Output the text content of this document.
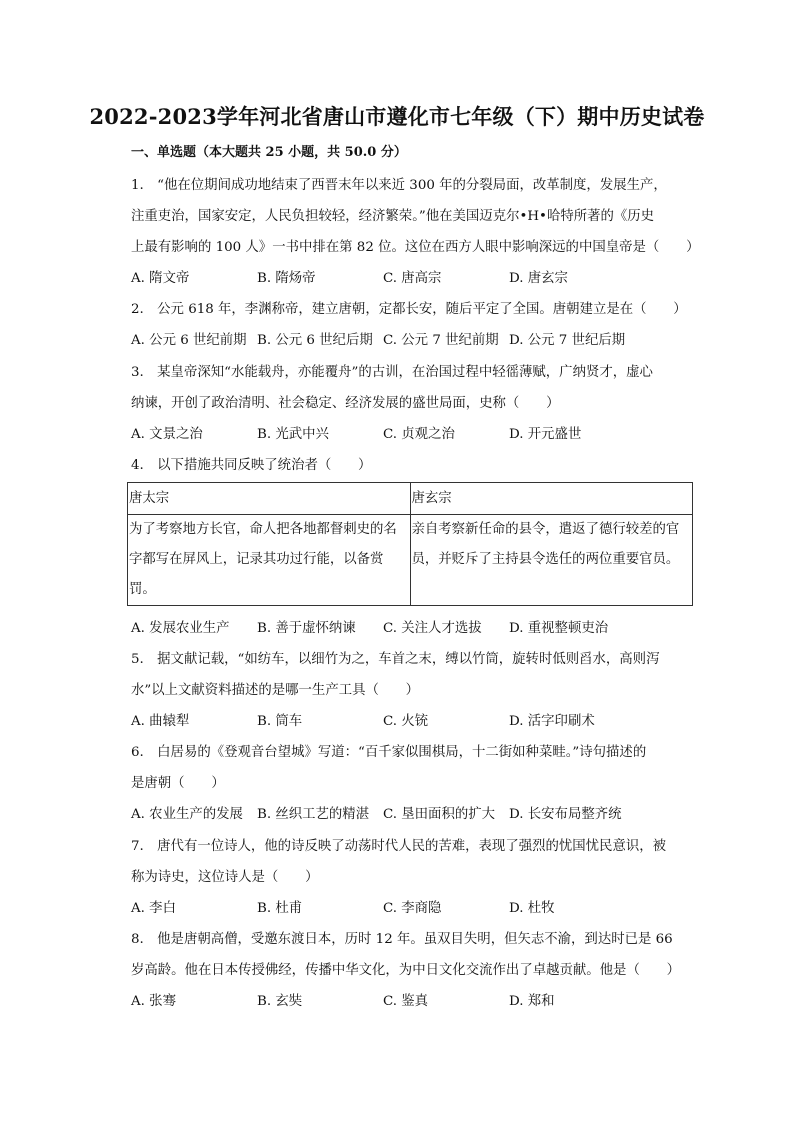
2022-2023学年河北省唐山市遵化市七年级（下）期中历史试卷
一、单选题（本大题共 25 小题，共 50.0 分）
1.　“他在位期间成功地结束了西晋末年以来近 300 年的分裂局面，改革制度，发展生产，
注重吏治，国家安定，人民负担较轻，经济繁荣。”他在美国迈克尔•H•哈特所著的《历史
上最有影响的 100 人》一书中排在第 82 位。这位在西方人眼中影响深远的中国皇帝是（　　）
A. 隋文帝	B. 隋炀帝	C. 唐高宗	D. 唐玄宗
2.　公元 618 年，李渊称帝，建立唐朝，定都长安，随后平定了全国。唐朝建立是在（　　）
A. 公元 6 世纪前期 B. 公元 6 世纪后期 C. 公元 7 世纪前期 D. 公元 7 世纪后期
3.　某皇帝深知“水能载舟，亦能覆舟”的古训，在治国过程中轻徭薄赋，广纳贤才，虚心
纳谏，开创了政治清明、社会稳定、经济发展的盛世局面，史称（　　）
A. 文景之治	B. 光武中兴	C. 贞观之治	D. 开元盛世
4.　以下措施共同反映了统治者（　　）
唐太宗	唐玄宗
为了考察地方长官，命人把各地都督刺史的名字都写在屏风上，记录其功过行能，以备赏罚。	亲自考察新任命的县令，遣返了德行较差的官员，并贬斥了主持县令选任的两位重要官员。
A. 发展农业生产 B. 善于虚怀纳谏 C. 关注人才选拔 D. 重视整顿吏治
5.　据文献记载，“如纺车，以细竹为之，车首之末，缚以竹筒，旋转时低则舀水，高则泻
水”以上文献资料描述的是哪一生产工具（　　）
A. 曲辕犁	B. 筒车	C. 火铳	D. 活字印刷术
6.　白居易的《登观音台望城》写道：“百千家似围棋局，十二街如种菜畦。”诗句描述的
是唐朝（　　）
A. 农业生产的发展 B. 丝织工艺的精湛 C. 垦田面积的扩大 D. 长安布局整齐统
7.　唐代有一位诗人，他的诗反映了动荡时代人民的苦难，表现了强烈的忧国忧民意识，被
称为诗史，这位诗人是（　　）
A. 李白	B. 杜甫	C. 李商隐	D. 杜牧
8.　他是唐朝高僧，受邀东渡日本，历时 12 年。虽双目失明，但矢志不渝，到达时已是 66
岁高龄。他在日本传授佛经，传播中华文化，为中日文化交流作出了卓越贡献。他是（　　）
A. 张骞	B. 玄奘	C. 鉴真	D. 郑和
